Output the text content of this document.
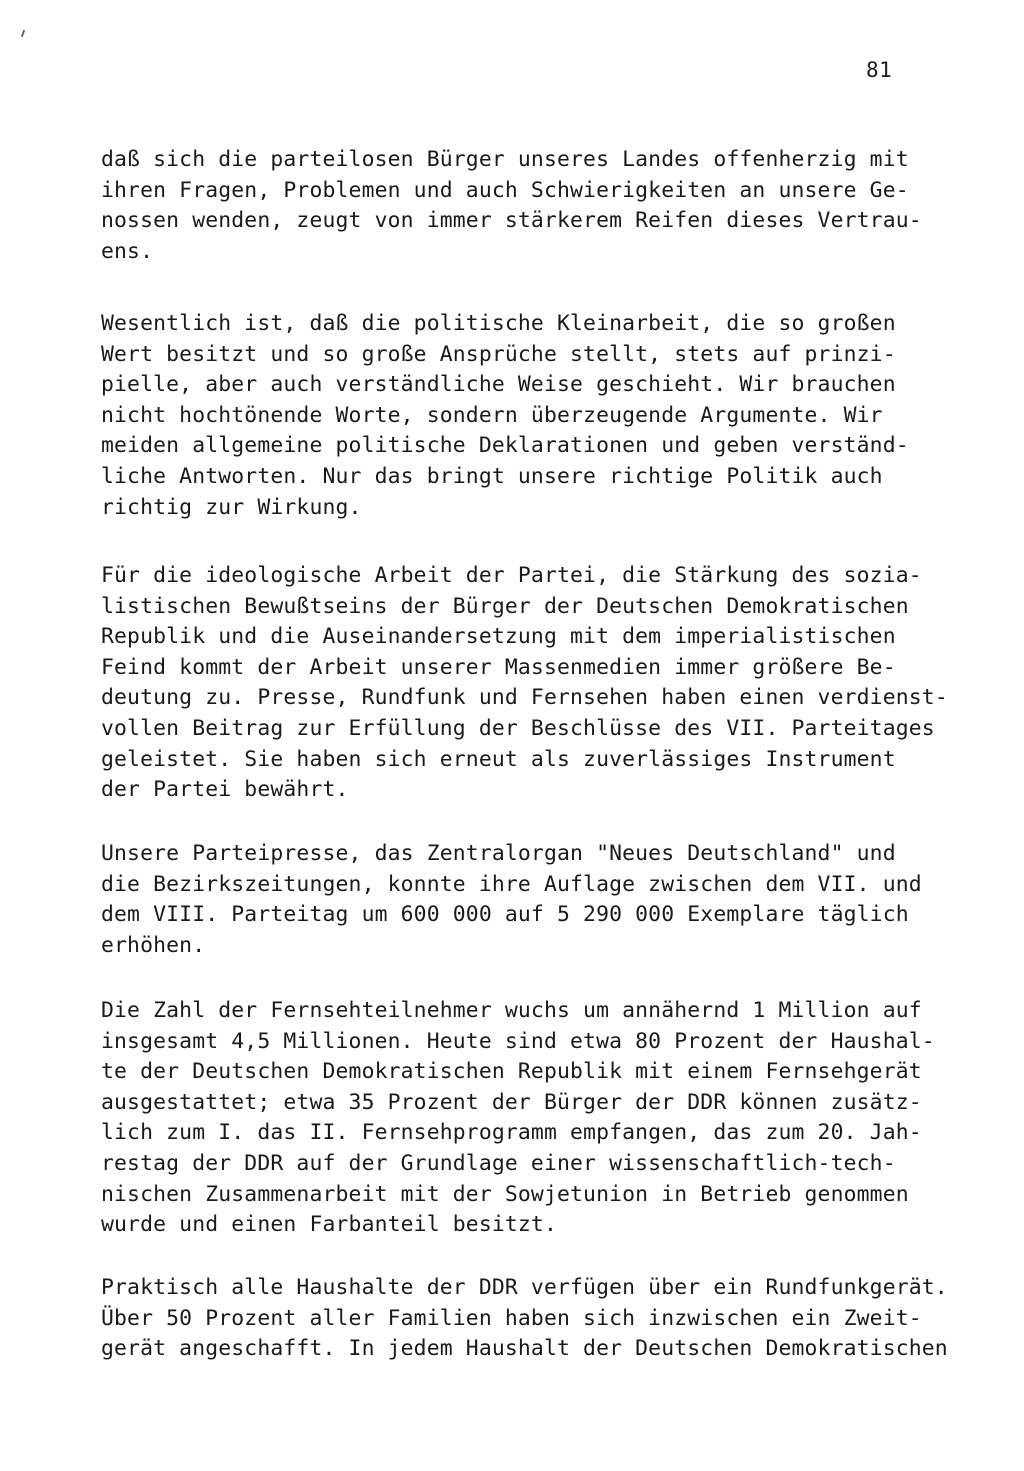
81
daß sich die parteilosen Bürger unseres Landes offenherzig mit
ihren Fragen, Problemen und auch Schwierigkeiten an unsere Ge-
nossen wenden, zeugt von immer stärkerem Reifen dieses Vertrau-
ens.
Wesentlich ist, daß die politische Kleinarbeit, die so großen
Wert besitzt und so große Ansprüche stellt, stets auf prinzi-
pielle, aber auch verständliche Weise geschieht. Wir brauchen
nicht hochtönende Worte, sondern überzeugende Argumente. Wir
meiden allgemeine politische Deklarationen und geben verständ-
liche Antworten. Nur das bringt unsere richtige Politik auch
richtig zur Wirkung.
Für die ideologische Arbeit der Partei, die Stärkung des sozia-
listischen Bewußtseins der Bürger der Deutschen Demokratischen
Republik und die Auseinandersetzung mit dem imperialistischen
Feind kommt der Arbeit unserer Massenmedien immer größere Be-
deutung zu. Presse, Rundfunk und Fernsehen haben einen verdienst-
vollen Beitrag zur Erfüllung der Beschlüsse des VII. Parteitages
geleistet. Sie haben sich erneut als zuverlässiges Instrument
der Partei bewährt.
Unsere Parteipresse, das Zentralorgan "Neues Deutschland" und
die Bezirkszeitungen, konnte ihre Auflage zwischen dem VII. und
dem VIII. Parteitag um 600 000 auf 5 290 000 Exemplare täglich
erhöhen.
Die Zahl der Fernsehteilnehmer wuchs um annähernd 1 Million auf
insgesamt 4,5 Millionen. Heute sind etwa 80 Prozent der Haushal-
te der Deutschen Demokratischen Republik mit einem Fernsehgerät
ausgestattet; etwa 35 Prozent der Bürger der DDR können zusätz-
lich zum I. das II. Fernsehprogramm empfangen, das zum 20. Jah-
restag der DDR auf der Grundlage einer wissenschaftlich-tech-
nischen Zusammenarbeit mit der Sowjetunion in Betrieb genommen
wurde und einen Farbanteil besitzt.
Praktisch alle Haushalte der DDR verfügen über ein Rundfunkgerät.
Über 50 Prozent aller Familien haben sich inzwischen ein Zweit-
gerät angeschafft. In jedem Haushalt der Deutschen Demokratischen
